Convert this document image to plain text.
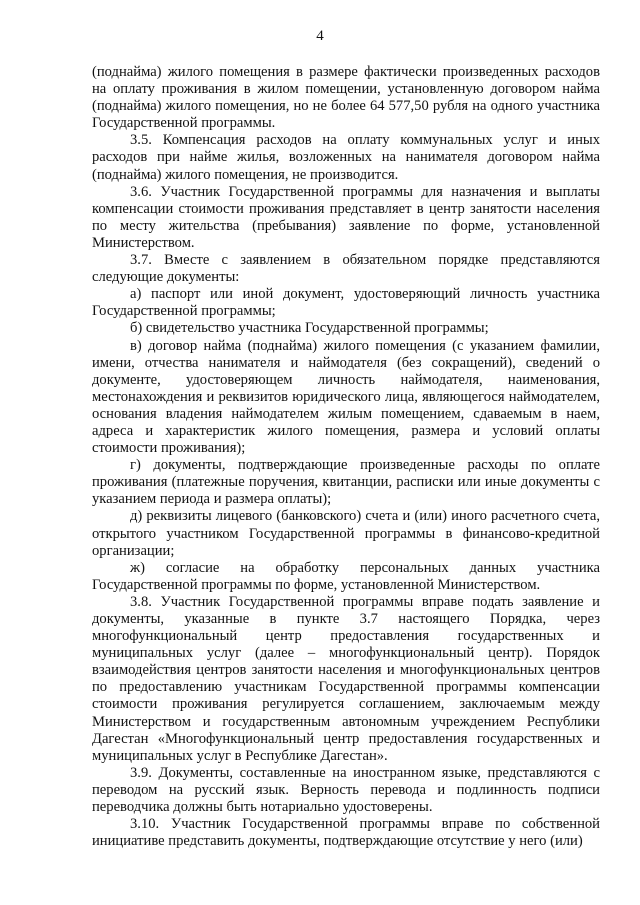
4

(поднайма) жилого помещения в размере фактически произведенных расходов на оплату проживания в жилом помещении, установленную договором найма (поднайма) жилого помещения, но не более 64 577,50 рубля на одного участника Государственной программы.

3.5. Компенсация расходов на оплату коммунальных услуг и иных расходов при найме жилья, возложенных на нанимателя договором найма (поднайма) жилого помещения, не производится.

3.6. Участник Государственной программы для назначения и выплаты компенсации стоимости проживания представляет в центр занятости населения по месту жительства (пребывания) заявление по форме, установленной Министерством.

3.7. Вместе с заявлением в обязательном порядке представляются следующие документы:

а) паспорт или иной документ, удостоверяющий личность участника Государственной программы;

б) свидетельство участника Государственной программы;

в) договор найма (поднайма) жилого помещения (с указанием фамилии, имени, отчества нанимателя и наймодателя (без сокращений), сведений о документе, удостоверяющем личность наймодателя, наименования, местонахождения и реквизитов юридического лица, являющегося наймодателем, основания владения наймодателем жилым помещением, сдаваемым в наем, адреса и характеристик жилого помещения, размера и условий оплаты стоимости проживания);

г) документы, подтверждающие произведенные расходы по оплате проживания (платежные поручения, квитанции, расписки или иные документы с указанием периода и размера оплаты);

д) реквизиты лицевого (банковского) счета и (или) иного расчетного счета, открытого участником Государственной программы в финансово-кредитной организации;

ж) согласие на обработку персональных данных участника Государственной программы по форме, установленной Министерством.

3.8. Участник Государственной программы вправе подать заявление и документы, указанные в пункте 3.7 настоящего Порядка, через многофункциональный центр предоставления государственных и муниципальных услуг (далее – многофункциональный центр). Порядок взаимодействия центров занятости населения и многофункциональных центров по предоставлению участникам Государственной программы компенсации стоимости проживания регулируется соглашением, заключаемым между Министерством и государственным автономным учреждением Республики Дагестан «Многофункциональный центр предоставления государственных и муниципальных услуг в Республике Дагестан».

3.9. Документы, составленные на иностранном языке, представляются с переводом на русский язык. Верность перевода и подлинность подписи переводчика должны быть нотариально удостоверены.

3.10. Участник Государственной программы вправе по собственной инициативе представить документы, подтверждающие отсутствие у него (или)
